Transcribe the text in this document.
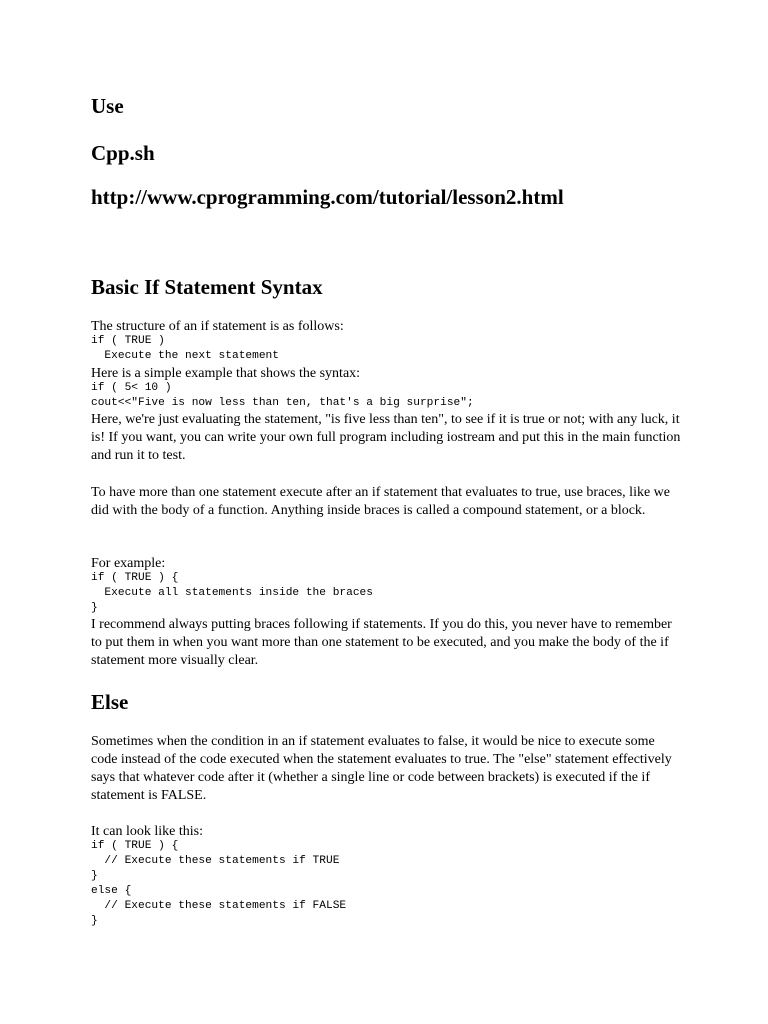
Use
Cpp.sh
http://www.cprogramming.com/tutorial/lesson2.html
Basic If Statement Syntax

The structure of an if statement is as follows:

if ( TRUE )
Execute the next statement

Here is a simple example that shows the syntax:

if ( 5< 10 )
cout<<"Five is now less than ten, that's a big surprise";

Here, we're just evaluating the statement, "is five less than ten", to see if it is true or not; with any luck, it is! If you want, you can write your own full program including iostream and put this in the main function and run it to test.

To have more than one statement execute after an if statement that evaluates to true, use braces, like we did with the body of a function. Anything inside braces is called a compound statement, or a block.

For example:

if ( TRUE ) {
Execute all statements inside the braces
}

I recommend always putting braces following if statements. If you do this, you never have to remember to put them in when you want more than one statement to be executed, and you make the body of the if statement more visually clear.

Else

Sometimes when the condition in an if statement evaluates to false, it would be nice to execute some code instead of the code executed when the statement evaluates to true. The "else" statement effectively says that whatever code after it (whether a single line or code between brackets) is executed if the if statement is FALSE.

It can look like this:

if ( TRUE ) {
// Execute these statements if TRUE
}
else {
// Execute these statements if FALSE
}
